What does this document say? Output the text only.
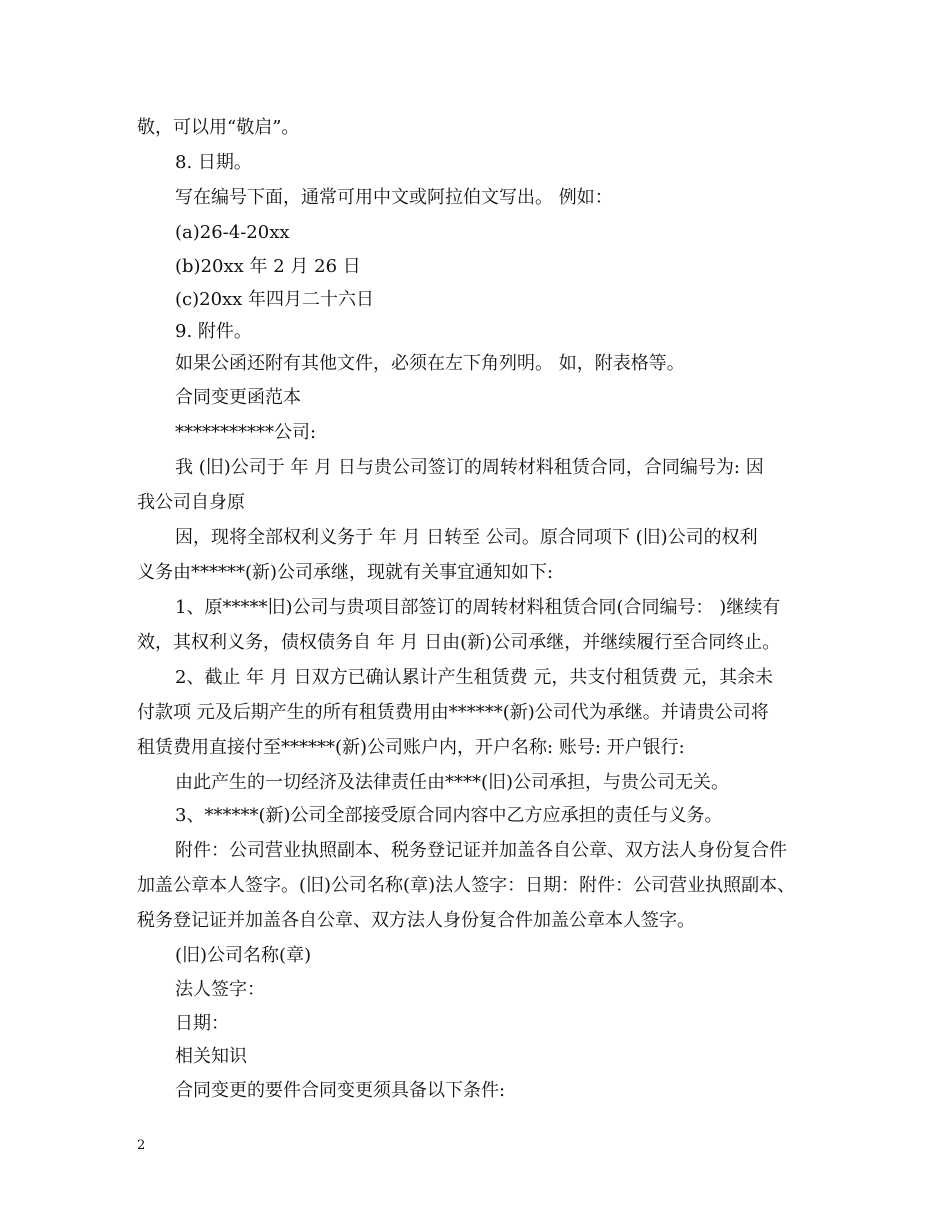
敬，可以用“敬启”。
8. 日期。
写在编号下面，通常可用中文或阿拉伯文写出。 例如：
(a)26-4-20xx
(b)20xx 年 2 月 26 日
(c)20xx 年四月二十六日
9. 附件。
如果公函还附有其他文件，必须在左下角列明。 如，附表格等。
合同变更函范本
***********公司:
我 (旧)公司于 年 月 日与贵公司签订的周转材料租赁合同，合同编号为: 因
我公司自身原
因，现将全部权利义务于 年 月 日转至 公司。原合同项下 (旧)公司的权利
义务由******(新)公司承继，现就有关事宜通知如下:
1、原*****旧)公司与贵项目部签订的周转材料租赁合同(合同编号： )继续有
效，其权利义务，债权债务自 年 月 日由(新)公司承继，并继续履行至合同终止。
2、截止 年 月 日双方已确认累计产生租赁费 元，共支付租赁费 元，其余未
付款项 元及后期产生的所有租赁费用由******(新)公司代为承继。并请贵公司将
租赁费用直接付至******(新)公司账户内，开户名称: 账号: 开户银行:
由此产生的一切经济及法律责任由****(旧)公司承担，与贵公司无关。
3、******(新)公司全部接受原合同内容中乙方应承担的责任与义务。
附件：公司营业执照副本、税务登记证并加盖各自公章、双方法人身份复合件
加盖公章本人签字。(旧)公司名称(章)法人签字：日期：附件：公司营业执照副本、
税务登记证并加盖各自公章、双方法人身份复合件加盖公章本人签字。
(旧)公司名称(章)
法人签字：
日期：
相关知识
合同变更的要件合同变更须具备以下条件:
2
